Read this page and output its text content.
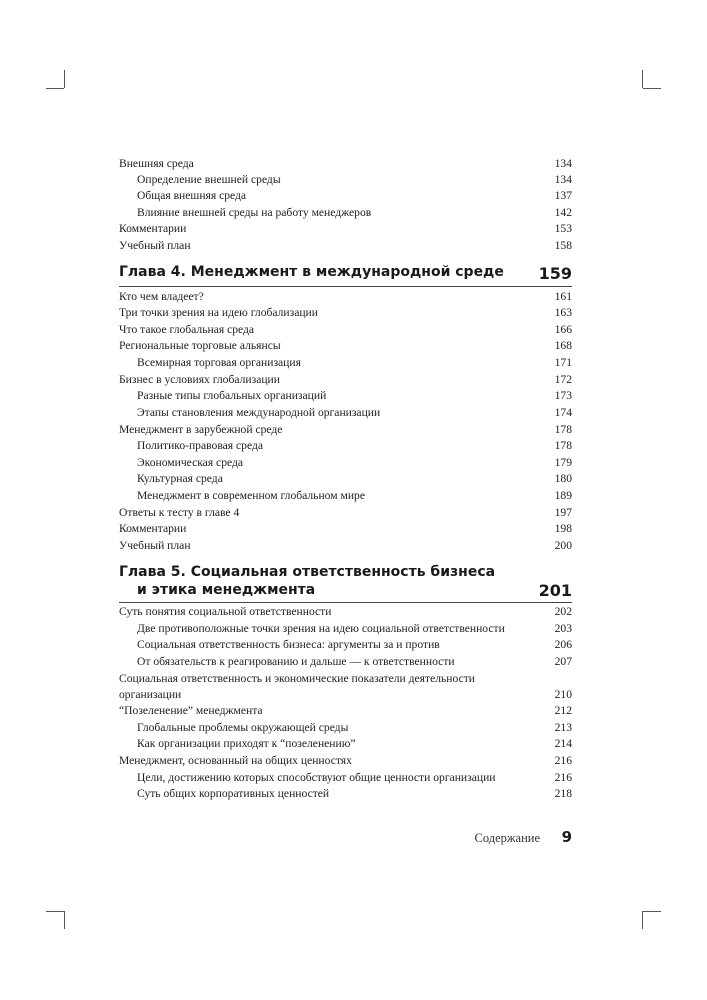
Внешняя среда	134
Определение внешней среды	134
Общая внешняя среда	137
Влияние внешней среды на работу менеджеров	142
Комментарии	153
Учебный план	158
Глава 4. Менеджмент в международной среде 159
Кто чем владеет?	161
Три точки зрения на идею глобализации	163
Что такое глобальная среда	166
Региональные торговые альянсы	168
Всемирная торговая организация	171
Бизнес в условиях глобализации	172
Разные типы глобальных организаций	173
Этапы становления международной организации	174
Менеджмент в зарубежной среде	178
Политико-правовая среда	178
Экономическая среда	179
Культурная среда	180
Менеджмент в современном глобальном мире	189
Ответы к тесту в главе 4	197
Комментарии	198
Учебный план	200
Глава 5. Социальная ответственность бизнеса
и этика менеджмента	201
Суть понятия социальной ответственности	202
Две противоположные точки зрения на идею социальной ответственности	203
Социальная ответственность бизнеса: аргументы за и против	206
От обязательств к реагированию и дальше — к ответственности	207
Социальная ответственность и экономические показатели деятельности организации	210
“Позеленение” менеджмента	212
Глобальные проблемы окружающей среды	213
Как организации приходят к “позеленению”	214
Менеджмент, основанный на общих ценностях	216
Цели, достижению которых способствуют общие ценности организации	216
Суть общих корпоративных ценностей	218
Содержание 9
